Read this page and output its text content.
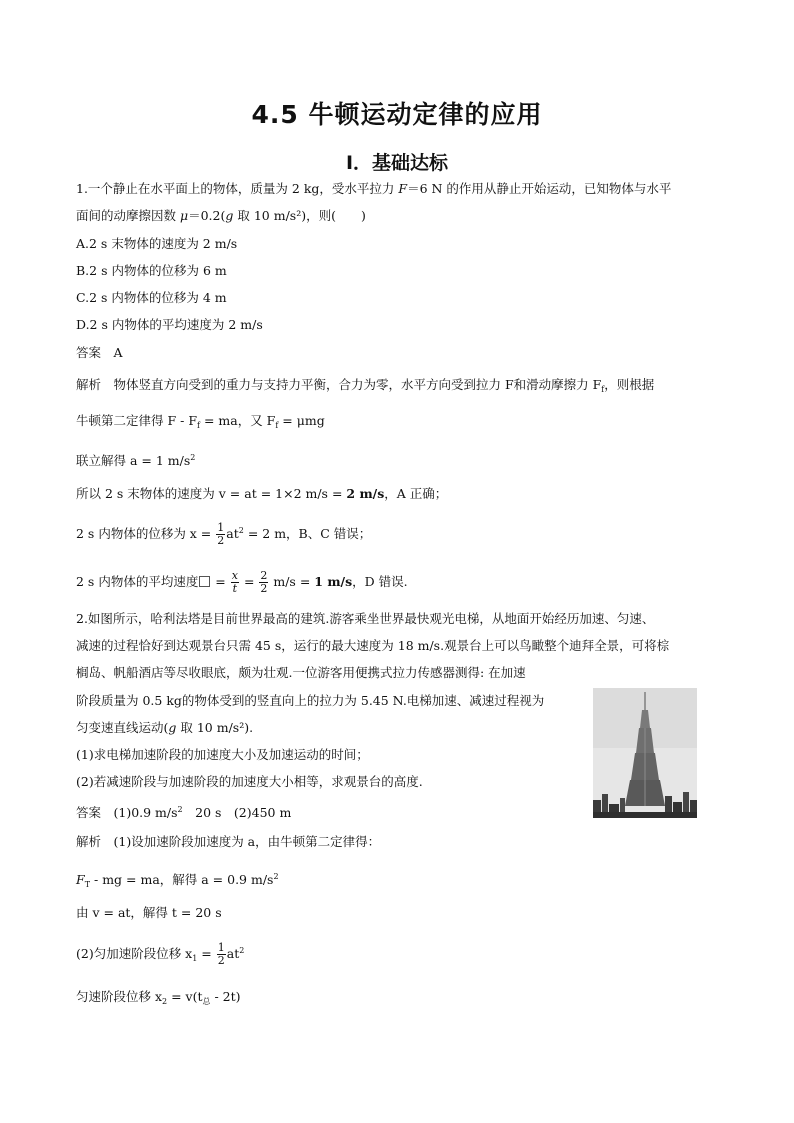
4.5 牛顿运动定律的应用
Ⅰ．基础达标
1.一个静止在水平面上的物体，质量为 2 kg，受水平拉力 F＝6 N 的作用从静止开始运动，已知物体与水平
面间的动摩擦因数 μ＝0.2(g 取 10 m/s²)，则(　　)
A.2 s 末物体的速度为 2 m/s
B.2 s 内物体的位移为 6 m
C.2 s 内物体的位移为 4 m
D.2 s 内物体的平均速度为 2 m/s
答案　A
解析　物体竖直方向受到的重力与支持力平衡，合力为零，水平方向受到拉力 F和滑动摩擦力 $F_f$，则根据
牛顿第二定律得 F - $F_f$ = ma，又 $F_f = \mu mg$
联立解得 a = 1 $m/s^2$
所以 2 s 末物体的速度为 v = at = 1×2 m/s = 2 m/s，A 正确；
2 s 内物体的位移为 $x = \frac{1}{2} at^2 = 2$ m，B、C 错误；
2 s 内物体的平均速度 = $\frac{x}{t} = \frac{2}{2} m/s = 1$ m/s，D 错误.
2.如图所示，哈利法塔是目前世界最高的建筑.游客乘坐世界最快观光电梯，从地面开始经历加速、匀速、
减速的过程恰好到达观景台只需 45 s，运行的最大速度为 18 m/s.观景台上可以鸟瞰整个迪拜全景，可将棕
榈岛、帆船酒店等尽收眼底，颇为壮观.一位游客用便携式拉力传感器测得: 在加速
阶段质量为 0.5 kg的物体受到的竖直向上的拉力为 5.45 N.电梯加速、减速过程视为
匀变速直线运动(g 取 10 m/s²).
(1)求电梯加速阶段的加速度大小及加速运动的时间；
(2)若减速阶段与加速阶段的加速度大小相等，求观景台的高度.
答案　(1)0.9 $m/s^2$　20 s　(2)450 m
解析　(1)设加速阶段加速度为 a，由牛顿第二定律得：
$F_T$ - mg = ma，解得 a = 0.9 $m/s^2$
由 v = at，解得 t = 20 s
(2)匀加速阶段位移 $x_1 = \frac{1}{2} at^2$
匀速阶段位移 $x_2 = v(t_总 - 2t)$
